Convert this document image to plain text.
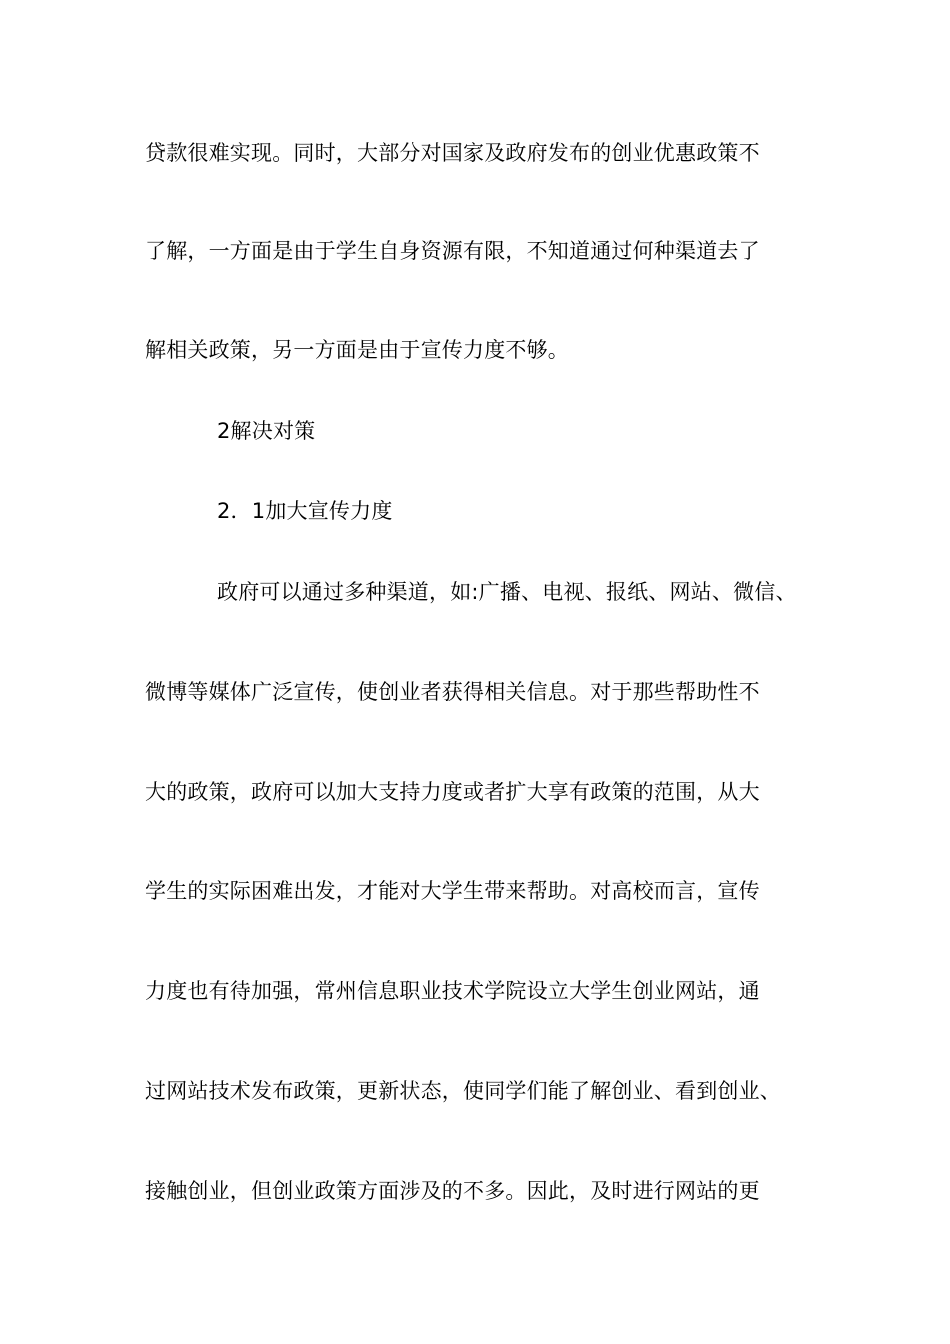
贷款很难实现。同时，大部分对国家及政府发布的创业优惠政策不
了解，一方面是由于学生自身资源有限，不知道通过何种渠道去了
解相关政策，另一方面是由于宣传力度不够。
2解决对策
2．1加大宣传力度
政府可以通过多种渠道，如:广播、电视、报纸、网站、微信、
微博等媒体广泛宣传，使创业者获得相关信息。对于那些帮助性不
大的政策，政府可以加大支持力度或者扩大享有政策的范围，从大
学生的实际困难出发，才能对大学生带来帮助。对高校而言，宣传
力度也有待加强，常州信息职业技术学院设立大学生创业网站，通
过网站技术发布政策，更新状态，使同学们能了解创业、看到创业、
接触创业，但创业政策方面涉及的不多。因此，及时进行网站的更
